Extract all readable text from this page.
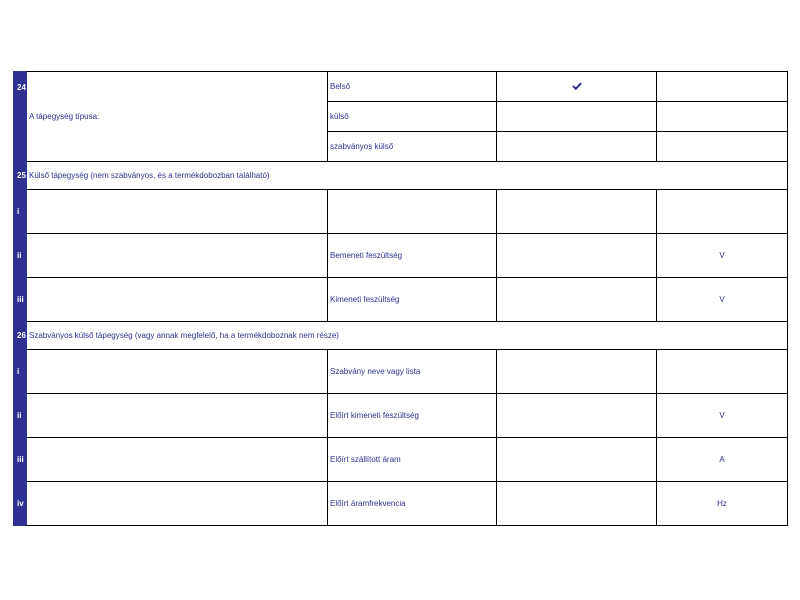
24	A tápegység típusa:	Belső		
		külső		
		szabványos külső		
25	Külső tápegység (nem szabványos, és a termékdobozban található)			
i				
ii		Bemeneti feszültség		V
iii		Kimeneti feszültség		V
26	Szabványos külső tápegység (vagy annak megfelelő, ha a termékdoboznak nem része)			
i		Szabvány neve vagy lista		
ii		Előírt kimeneti feszültség		V
iii		Előírt szállított áram		A
iv		Előírt áramfrekvencia		Hz
